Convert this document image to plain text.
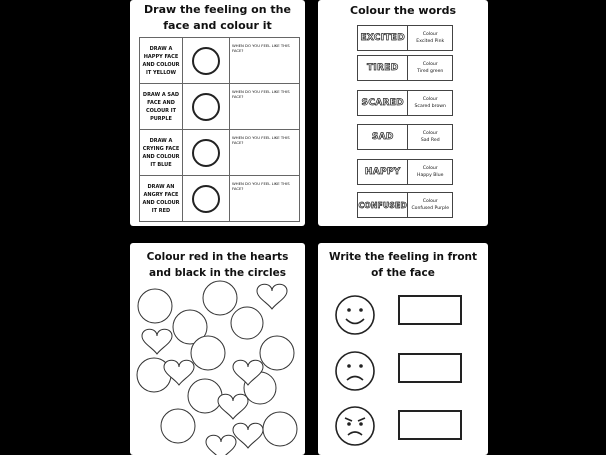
Draw the feeling on the face and colour it
DRAW A HAPPY FACE AND COLOUR IT YELLOW
WHEN DO YOU FEEL LIKE THIS FACE?
DRAW A SAD FACE AND COLOUR IT PURPLE
WHEN DO YOU FEEL LIKE THIS FACE?
DRAW A CRYING FACE AND COLOUR IT BLUE
WHEN DO YOU FEEL LIKE THIS FACE?
DRAW AN ANGRY FACE AND COLOUR IT RED
WHEN DO YOU FEEL LIKE THIS FACE?
Colour the words
EXCITED	Colour
Excited Pink
TIRED	Colour
Tired green
SCARED	Colour
Scared brown
SAD	Colour
Sad Red
HAPPY	Colour
Happy Blue
CONFUSED	Colour
Confused Purple
Colour red in the hearts and black in the circles
Write the feeling in front of the face
